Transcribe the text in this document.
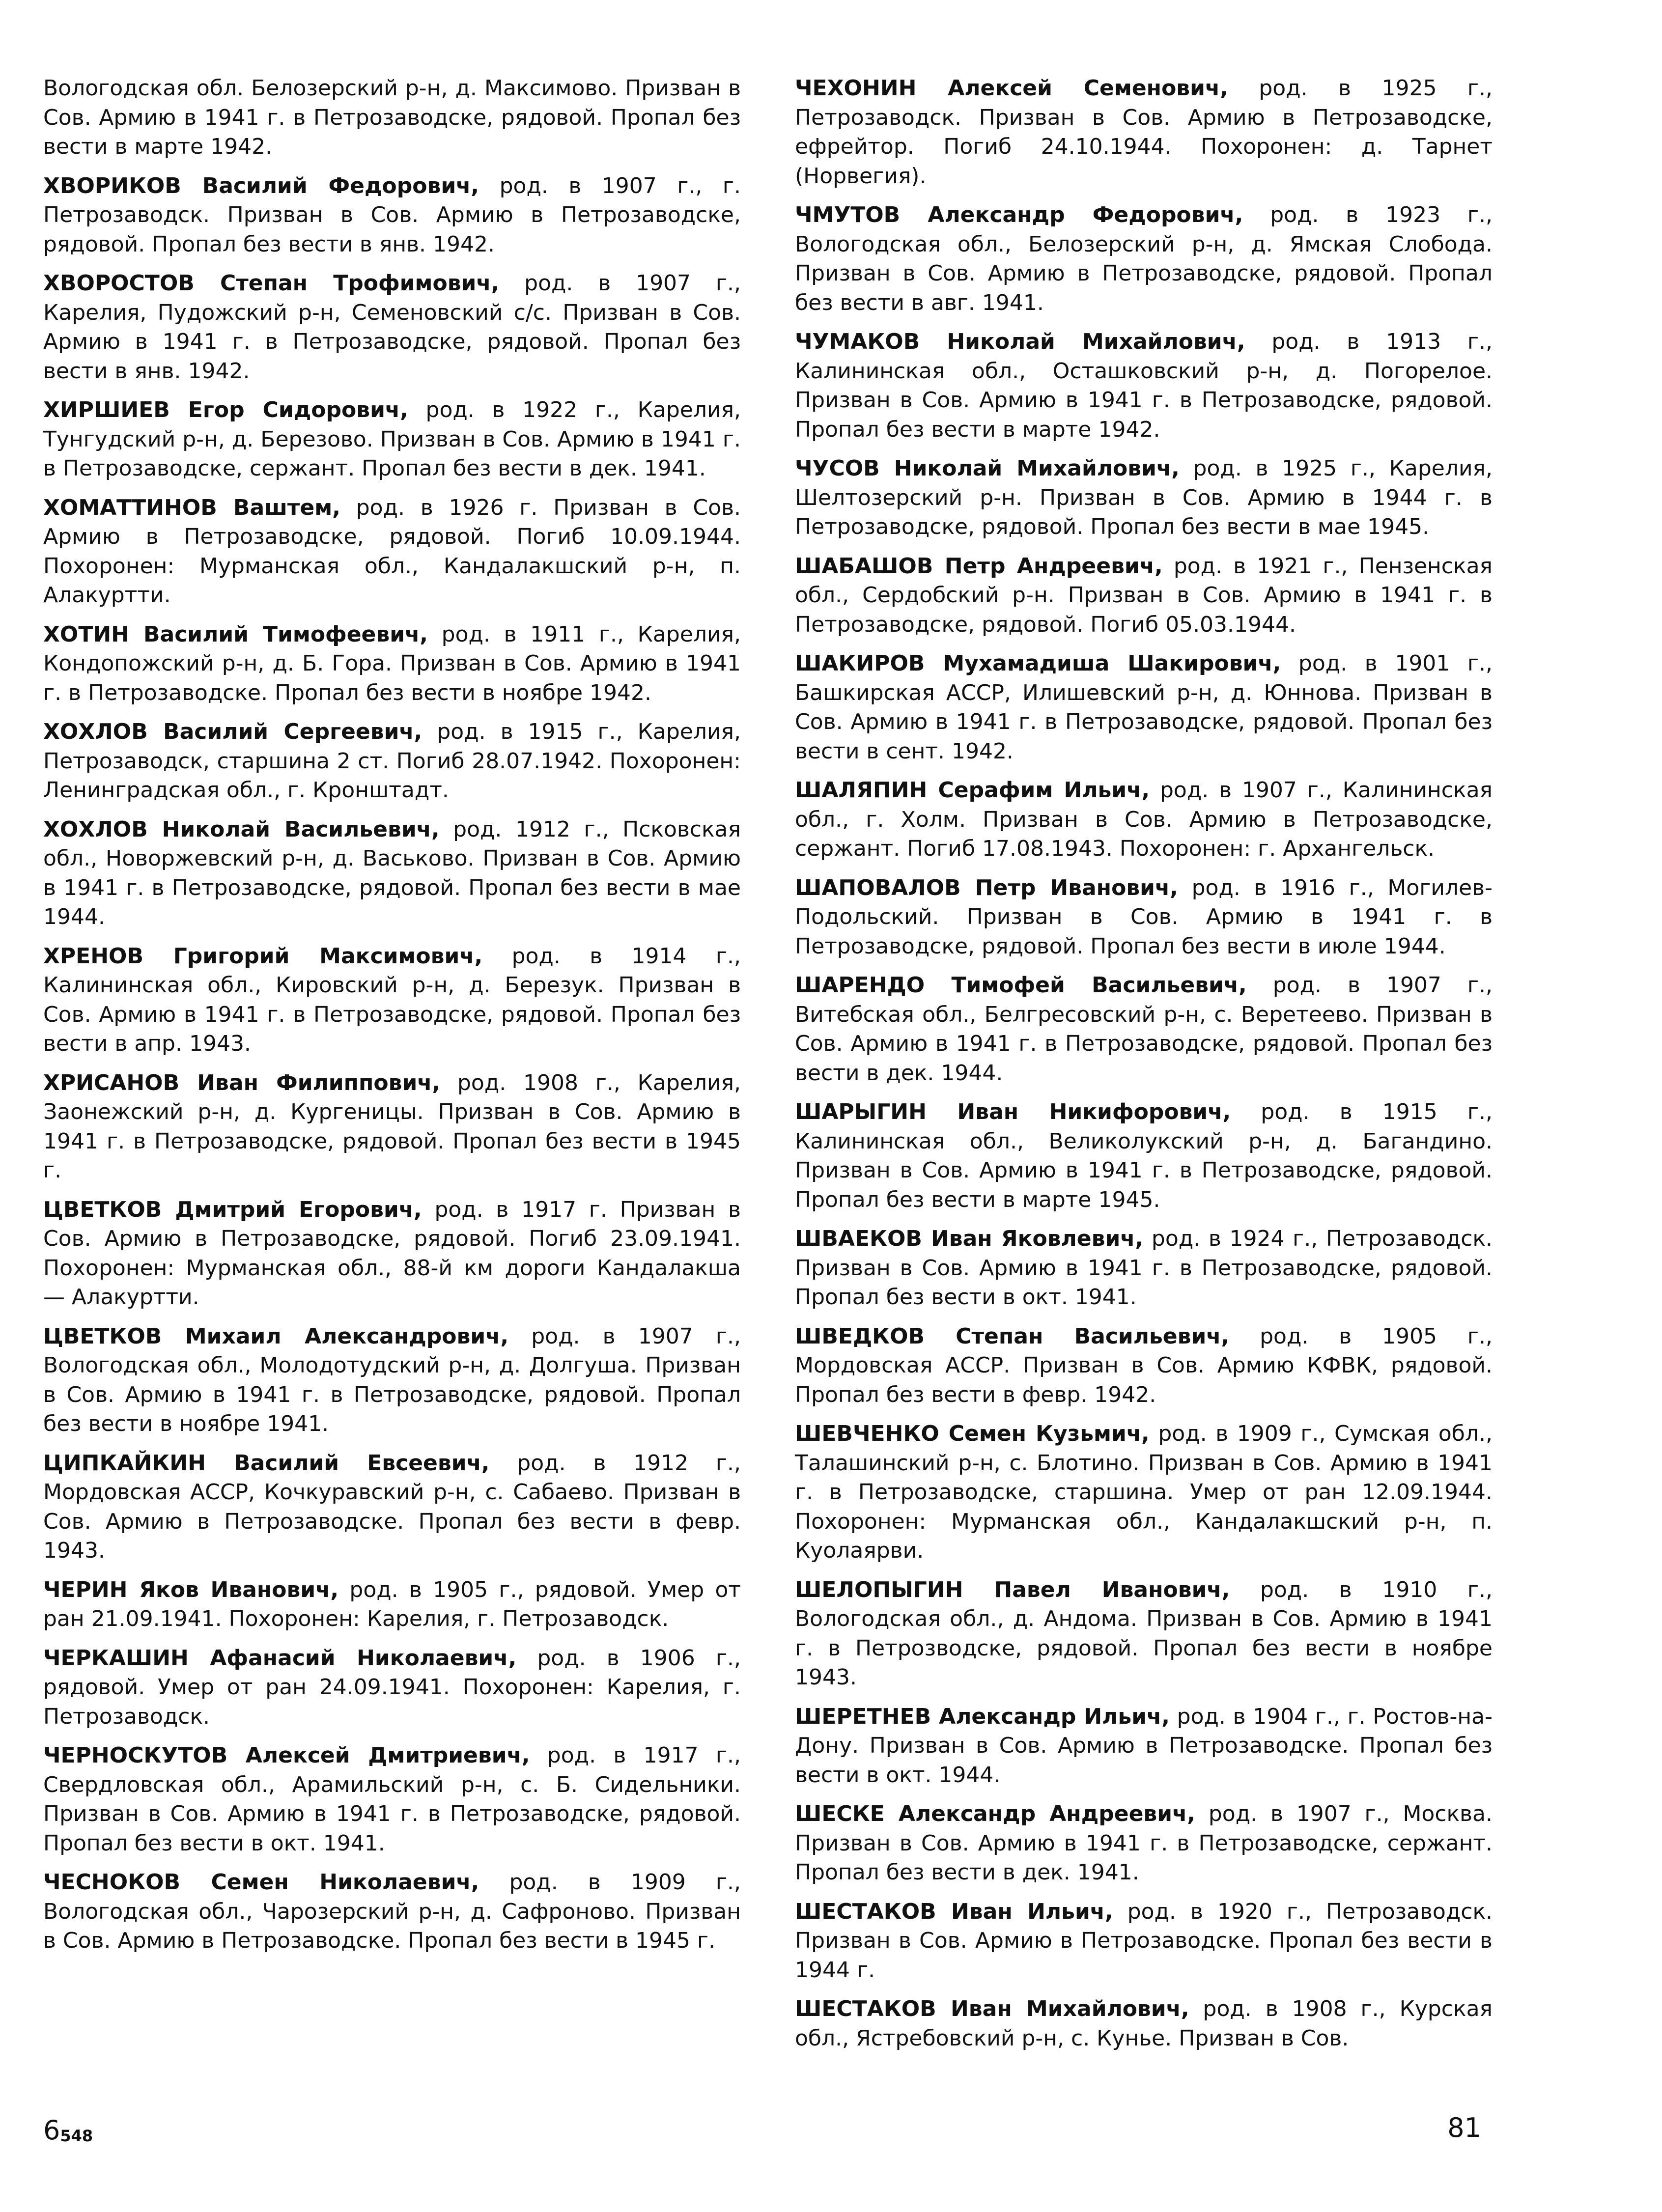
Вологодская обл. Белозерский р-н, д. Максимово. Призван в Сов. Армию в 1941 г. в Петрозаводске, рядовой. Пропал без вести в марте 1942.

ХВОРИКОВ Василий Федорович, род. в 1907 г., г. Петрозаводск. Призван в Сов. Армию в Петрозаводске, рядовой. Пропал без вести в янв. 1942.

ХВОРОСТОВ Степан Трофимович, род. в 1907 г., Карелия, Пудожский р-н, Семеновский с/с. Призван в Сов. Армию в 1941 г. в Петрозаводске, рядовой. Пропал без вести в янв. 1942.

ХИРШИЕВ Егор Сидорович, род. в 1922 г., Карелия, Тунгудский р-н, д. Березово. Призван в Сов. Армию в 1941 г. в Петрозаводске, сержант. Пропал без вести в дек. 1941.

ХОМАТТИНОВ Ваштем, род. в 1926 г. Призван в Сов. Армию в Петрозаводске, рядовой. Погиб 10.09.1944. Похоронен: Мурманская обл., Кандалакшский р-н, п. Алакуртти.

ХОТИН Василий Тимофеевич, род. в 1911 г., Карелия, Кондопожский р-н, д. Б. Гора. Призван в Сов. Армию в 1941 г. в Петрозаводске. Пропал без вести в ноябре 1942.

ХОХЛОВ Василий Сергеевич, род. в 1915 г., Карелия, Петрозаводск, старшина 2 ст. Погиб 28.07.1942. Похоронен: Ленинградская обл., г. Кронштадт.

ХОХЛОВ Николай Васильевич, род. 1912 г., Псковская обл., Новоржевский р-н, д. Васьково. Призван в Сов. Армию в 1941 г. в Петрозаводске, рядовой. Пропал без вести в мае 1944.

ХРЕНОВ Григорий Максимович, род. в 1914 г., Калининская обл., Кировский р-н, д. Березук. Призван в Сов. Армию в 1941 г. в Петрозаводске, рядовой. Пропал без вести в апр. 1943.

ХРИСАНОВ Иван Филиппович, род. 1908 г., Карелия, Заонежский р-н, д. Кургеницы. Призван в Сов. Армию в 1941 г. в Петрозаводске, рядовой. Пропал без вести в 1945 г.

ЦВЕТКОВ Дмитрий Егорович, род. в 1917 г. Призван в Сов. Армию в Петрозаводске, рядовой. Погиб 23.09.1941. Похоронен: Мурманская обл., 88-й км дороги Кандалакша — Алакуртти.

ЦВЕТКОВ Михаил Александрович, род. в 1907 г., Вологодская обл., Молодотудский р-н, д. Долгуша. Призван в Сов. Армию в 1941 г. в Петрозаводске, рядовой. Пропал без вести в ноябре 1941.

ЦИПКАЙКИН Василий Евсеевич, род. в 1912 г., Мордовская АССР, Кочкуравский р-н, с. Сабаево. Призван в Сов. Армию в Петрозаводске. Пропал без вести в февр. 1943.

ЧЕРИН Яков Иванович, род. в 1905 г., рядовой. Умер от ран 21.09.1941. Похоронен: Карелия, г. Петрозаводск.

ЧЕРКАШИН Афанасий Николаевич, род. в 1906 г., рядовой. Умер от ран 24.09.1941. Похоронен: Карелия, г. Петрозаводск.

ЧЕРНОСКУТОВ Алексей Дмитриевич, род. в 1917 г., Свердловская обл., Арамильский р-н, с. Б. Сидельники. Призван в Сов. Армию в 1941 г. в Петрозаводске, рядовой. Пропал без вести в окт. 1941.

ЧЕСНОКОВ Семен Николаевич, род. в 1909 г., Вологодская обл., Чарозерский р-н, д. Сафроново. Призван в Сов. Армию в Петрозаводске. Пропал без вести в 1945 г.

ЧЕХОНИН Алексей Семенович, род. в 1925 г., Петрозаводск. Призван в Сов. Армию в Петрозаводске, ефрейтор. Погиб 24.10.1944. Похоронен: д. Тарнет (Норвегия).

ЧМУТОВ Александр Федорович, род. в 1923 г., Вологодская обл., Белозерский р-н, д. Ямская Слобода. Призван в Сов. Армию в Петрозаводске, рядовой. Пропал без вести в авг. 1941.

ЧУМАКОВ Николай Михайлович, род. в 1913 г., Калининская обл., Осташковский р-н, д. Погорелое. Призван в Сов. Армию в 1941 г. в Петрозаводске, рядовой. Пропал без вести в марте 1942.

ЧУСОВ Николай Михайлович, род. в 1925 г., Карелия, Шелтозерский р-н. Призван в Сов. Армию в 1944 г. в Петрозаводске, рядовой. Пропал без вести в мае 1945.

ШАБАШОВ Петр Андреевич, род. в 1921 г., Пензенская обл., Сердобский р-н. Призван в Сов. Армию в 1941 г. в Петрозаводске, рядовой. Погиб 05.03.1944.

ШАКИРОВ Мухамадиша Шакирович, род. в 1901 г., Башкирская АССР, Илишевский р-н, д. Юннова. Призван в Сов. Армию в 1941 г. в Петрозаводске, рядовой. Пропал без вести в сент. 1942.

ШАЛЯПИН Серафим Ильич, род. в 1907 г., Калининская обл., г. Холм. Призван в Сов. Армию в Петрозаводске, сержант. Погиб 17.08.1943. Похоронен: г. Архангельск.

ШАПОВАЛОВ Петр Иванович, род. в 1916 г., Могилев-Подольский. Призван в Сов. Армию в 1941 г. в Петрозаводске, рядовой. Пропал без вести в июле 1944.

ШАРЕНДО Тимофей Васильевич, род. в 1907 г., Витебская обл., Белгресовский р-н, с. Веретеево. Призван в Сов. Армию в 1941 г. в Петрозаводске, рядовой. Пропал без вести в дек. 1944.

ШАРЫГИН Иван Никифорович, род. в 1915 г., Калининская обл., Великолукский р-н, д. Багандино. Призван в Сов. Армию в 1941 г. в Петрозаводске, рядовой. Пропал без вести в марте 1945.

ШВАЕКОВ Иван Яковлевич, род. в 1924 г., Петрозаводск. Призван в Сов. Армию в 1941 г. в Петрозаводске, рядовой. Пропал без вести в окт. 1941.

ШВЕДКОВ Степан Васильевич, род. в 1905 г., Мордовская АССР. Призван в Сов. Армию КФВК, рядовой. Пропал без вести в февр. 1942.

ШЕВЧЕНКО Семен Кузьмич, род. в 1909 г., Сумская обл., Талашинский р-н, с. Блотино. Призван в Сов. Армию в 1941 г. в Петрозаводске, старшина. Умер от ран 12.09.1944. Похоронен: Мурманская обл., Кандалакшский р-н, п. Куолаярви.

ШЕЛОПЫГИН Павел Иванович, род. в 1910 г., Вологодская обл., д. Андома. Призван в Сов. Армию в 1941 г. в Петрозводске, рядовой. Пропал без вести в ноябре 1943.

ШЕРЕТНЕВ Александр Ильич, род. в 1904 г., г. Ростов-на-Дону. Призван в Сов. Армию в Петрозаводске. Пропал без вести в окт. 1944.

ШЕСКЕ Александр Андреевич, род. в 1907 г., Москва. Призван в Сов. Армию в 1941 г. в Петрозаводске, сержант. Пропал без вести в дек. 1941.

ШЕСТАКОВ Иван Ильич, род. в 1920 г., Петрозаводск. Призван в Сов. Армию в Петрозаводске. Пропал без вести в 1944 г.

ШЕСТАКОВ Иван Михайлович, род. в 1908 г., Курская обл., Ястребовский р-н, с. Кунье. Призван в Сов.

$6_{548}$	81
